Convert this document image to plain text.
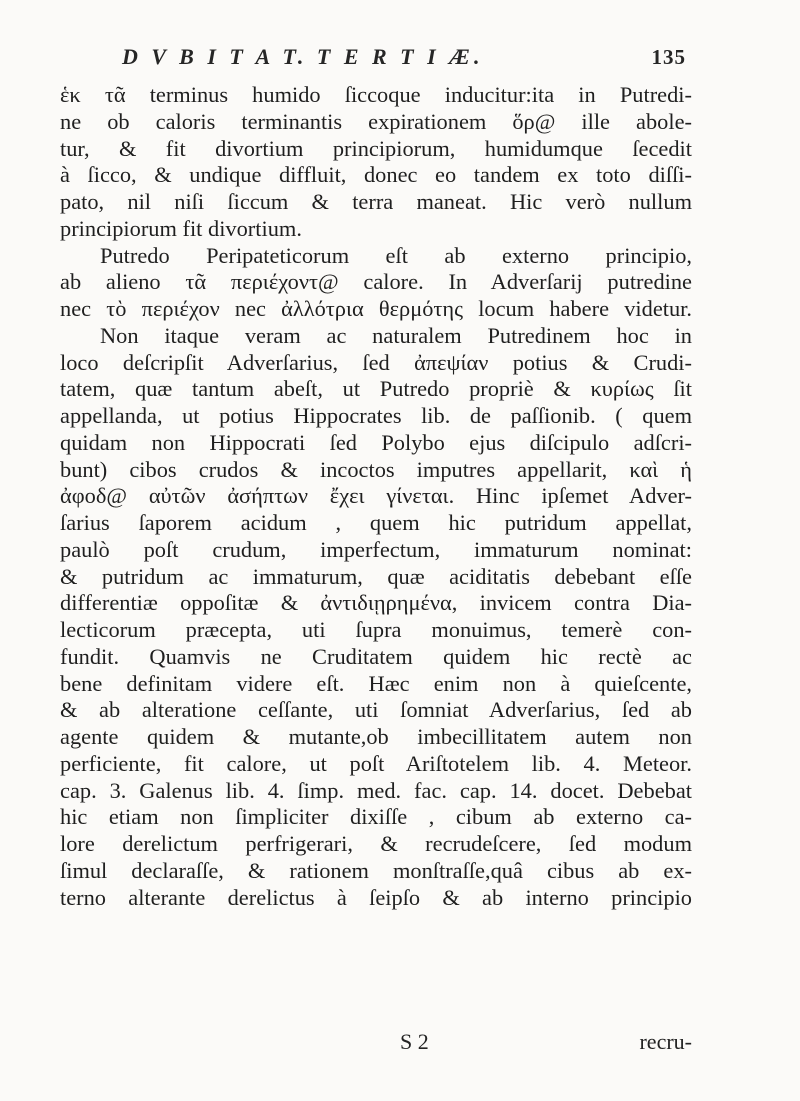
D V B I T A T. T E R T I Æ.	135
ἑκ τᾶ terminus humido ſiccoque inducitur:ita in Putredi-
ne ob caloris terminantis expirationem ὅρ@ ille abole-
tur, & fit divortium principiorum, humidumque ſecedit
à ſicco, & undique diffluit, donec eo tandem ex toto diſſi-
pato, nil niſi ſiccum & terra maneat. Hic verò nullum
principiorum fit divortium.
Putredo Peripateticorum eſt ab externo principio,
ab alieno τᾶ περιέχοντ@ calore. In Adverſarij putredine
nec τὸ περιέχον nec ἀλλότρια θερμότης locum habere videtur.
Non itaque veram ac naturalem Putredinem hoc in
loco deſcripſit Adverſarius, ſed ἀπεψίαν potius & Crudi-
tatem, quæ tantum abeſt, ut Putredo propriè & κυρίως ſit
appellanda, ut potius Hippocrates lib. de paſſionib. ( quem
quidam non Hippocrati ſed Polybo ejus diſcipulo adſcri-
bunt) cibos crudos & incoctos imputres appellarit, καὶ ἡ
ἀφοδ@ αὐτῶν ἀσήπτων ἔχει γίνεται. Hinc ipſemet Adver-
ſarius ſaporem acidum , quem hic putridum appellat,
paulò poſt crudum, imperfectum, immaturum nominat:
& putridum ac immaturum, quæ aciditatis debebant eſſe
differentiæ oppoſitæ & ἀντιδιῃρημένα, invicem contra Dia-
lecticorum præcepta, uti ſupra monuimus, temerè con-
fundit. Quamvis ne Cruditatem quidem hic rectè ac
bene definitam videre eſt. Hæc enim non à quieſcente,
& ab alteratione ceſſante, uti ſomniat Adverſarius, ſed ab
agente quidem & mutante,ob imbecillitatem autem non
perficiente, fit calore, ut poſt Ariſtotelem lib. 4. Meteor.
cap. 3. Galenus lib. 4. ſimp. med. fac. cap. 14. docet. Debebat
hic etiam non ſimpliciter dixiſſe , cibum ab externo ca-
lore derelictum perfrigerari, & recrudeſcere, ſed modum
ſimul declaraſſe, & rationem monſtraſſe,quâ cibus ab ex-
terno alterante derelictus à ſeipſo & ab interno principio
S 2	recru-
